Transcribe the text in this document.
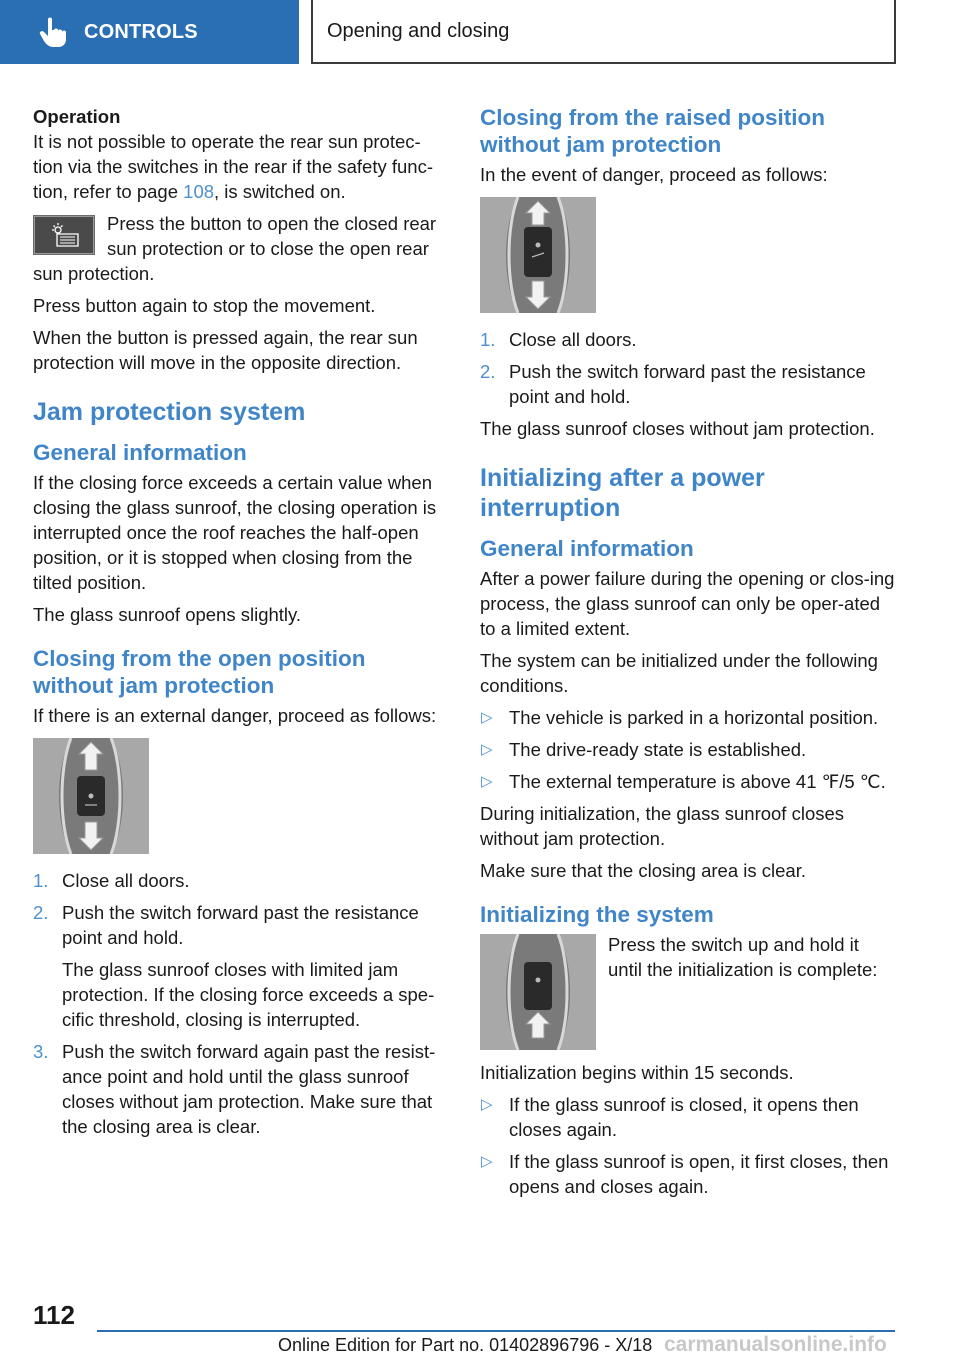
CONTROLS	Opening and closing

Operation

It is not possible to operate the rear sun protec-tion via the switches in the rear if the safety func-tion, refer to page 108, is switched on.

Press the button to open the closed rear sun protection or to close the open rear sun protection.

Press button again to stop the movement.

When the button is pressed again, the rear sun protection will move in the opposite direction.

Jam protection system
General information

If the closing force exceeds a certain value when closing the glass sunroof, the closing operation is interrupted once the roof reaches the half-open position, or it is stopped when closing from the tilted position.

The glass sunroof opens slightly.

Closing from the open position without jam protection

If there is an external danger, proceed as follows:

1. Close all doors.
2. Push the switch forward past the resistance point and hold.

The glass sunroof closes with limited jam protection. If the closing force exceeds a spe-cific threshold, closing is interrupted.

3. Push the switch forward again past the resist-ance point and hold until the glass sunroof closes without jam protection. Make sure that the closing area is clear.
Closing from the raised position without jam protection

In the event of danger, proceed as follows:

1. Close all doors.
2. Push the switch forward past the resistance point and hold.

The glass sunroof closes without jam protection.

Initializing after a power interruption
General information

After a power failure during the opening or clos-ing process, the glass sunroof can only be oper-ated to a limited extent.

The system can be initialized under the following conditions.

▷ The vehicle is parked in a horizontal position.
▷ The drive-ready state is established.
▷ The external temperature is above 41 ℉/5 ℃.

During initialization, the glass sunroof closes without jam protection.

Make sure that the closing area is clear.

Initializing the system

Press the switch up and hold it until the initialization is complete:

Initialization begins within 15 seconds.

▷ If the glass sunroof is closed, it opens then closes again.
▷ If the glass sunroof is open, it first closes, then opens and closes again.
112
Online Edition for Part no. 01402896796 - X/18 carmanualsonline.info
